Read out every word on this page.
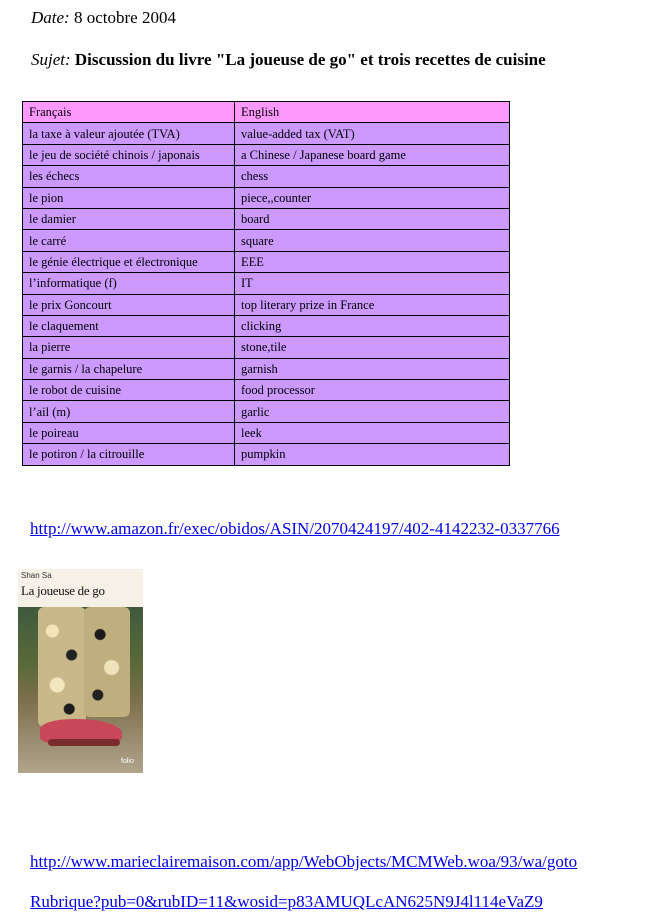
Date: 8 octobre 2004
Sujet: Discussion du livre "La joueuse de go" et trois recettes de cuisine
Français	English
la taxe à valeur ajoutée (TVA)	value-added tax (VAT)
le jeu de société chinois / japonais	a Chinese / Japanese board game
les échecs	chess
le pion	piece,,counter
le damier	board
le carré	square
le génie électrique et électronique	EEE
l’informatique (f)	IT
le prix Goncourt	top literary prize in France
le claquement	clicking
la pierre	stone,tile
le garnis / la chapelure	garnish
le robot de cuisine	food processor
l’ail (m)	garlic
le poireau	leek
le potiron / la citrouille	pumpkin
http://www.amazon.fr/exec/obidos/ASIN/2070424197/402-4142232-0337766
Shan Sa
La joueuse de go
folio
http://www.marieclairemaison.com/app/WebObjects/MCMWeb.woa/93/wa/goto
Rubrique?pub=0&rubID=11&wosid=p83AMUQLcAN625N9J4l114eVaZ9
